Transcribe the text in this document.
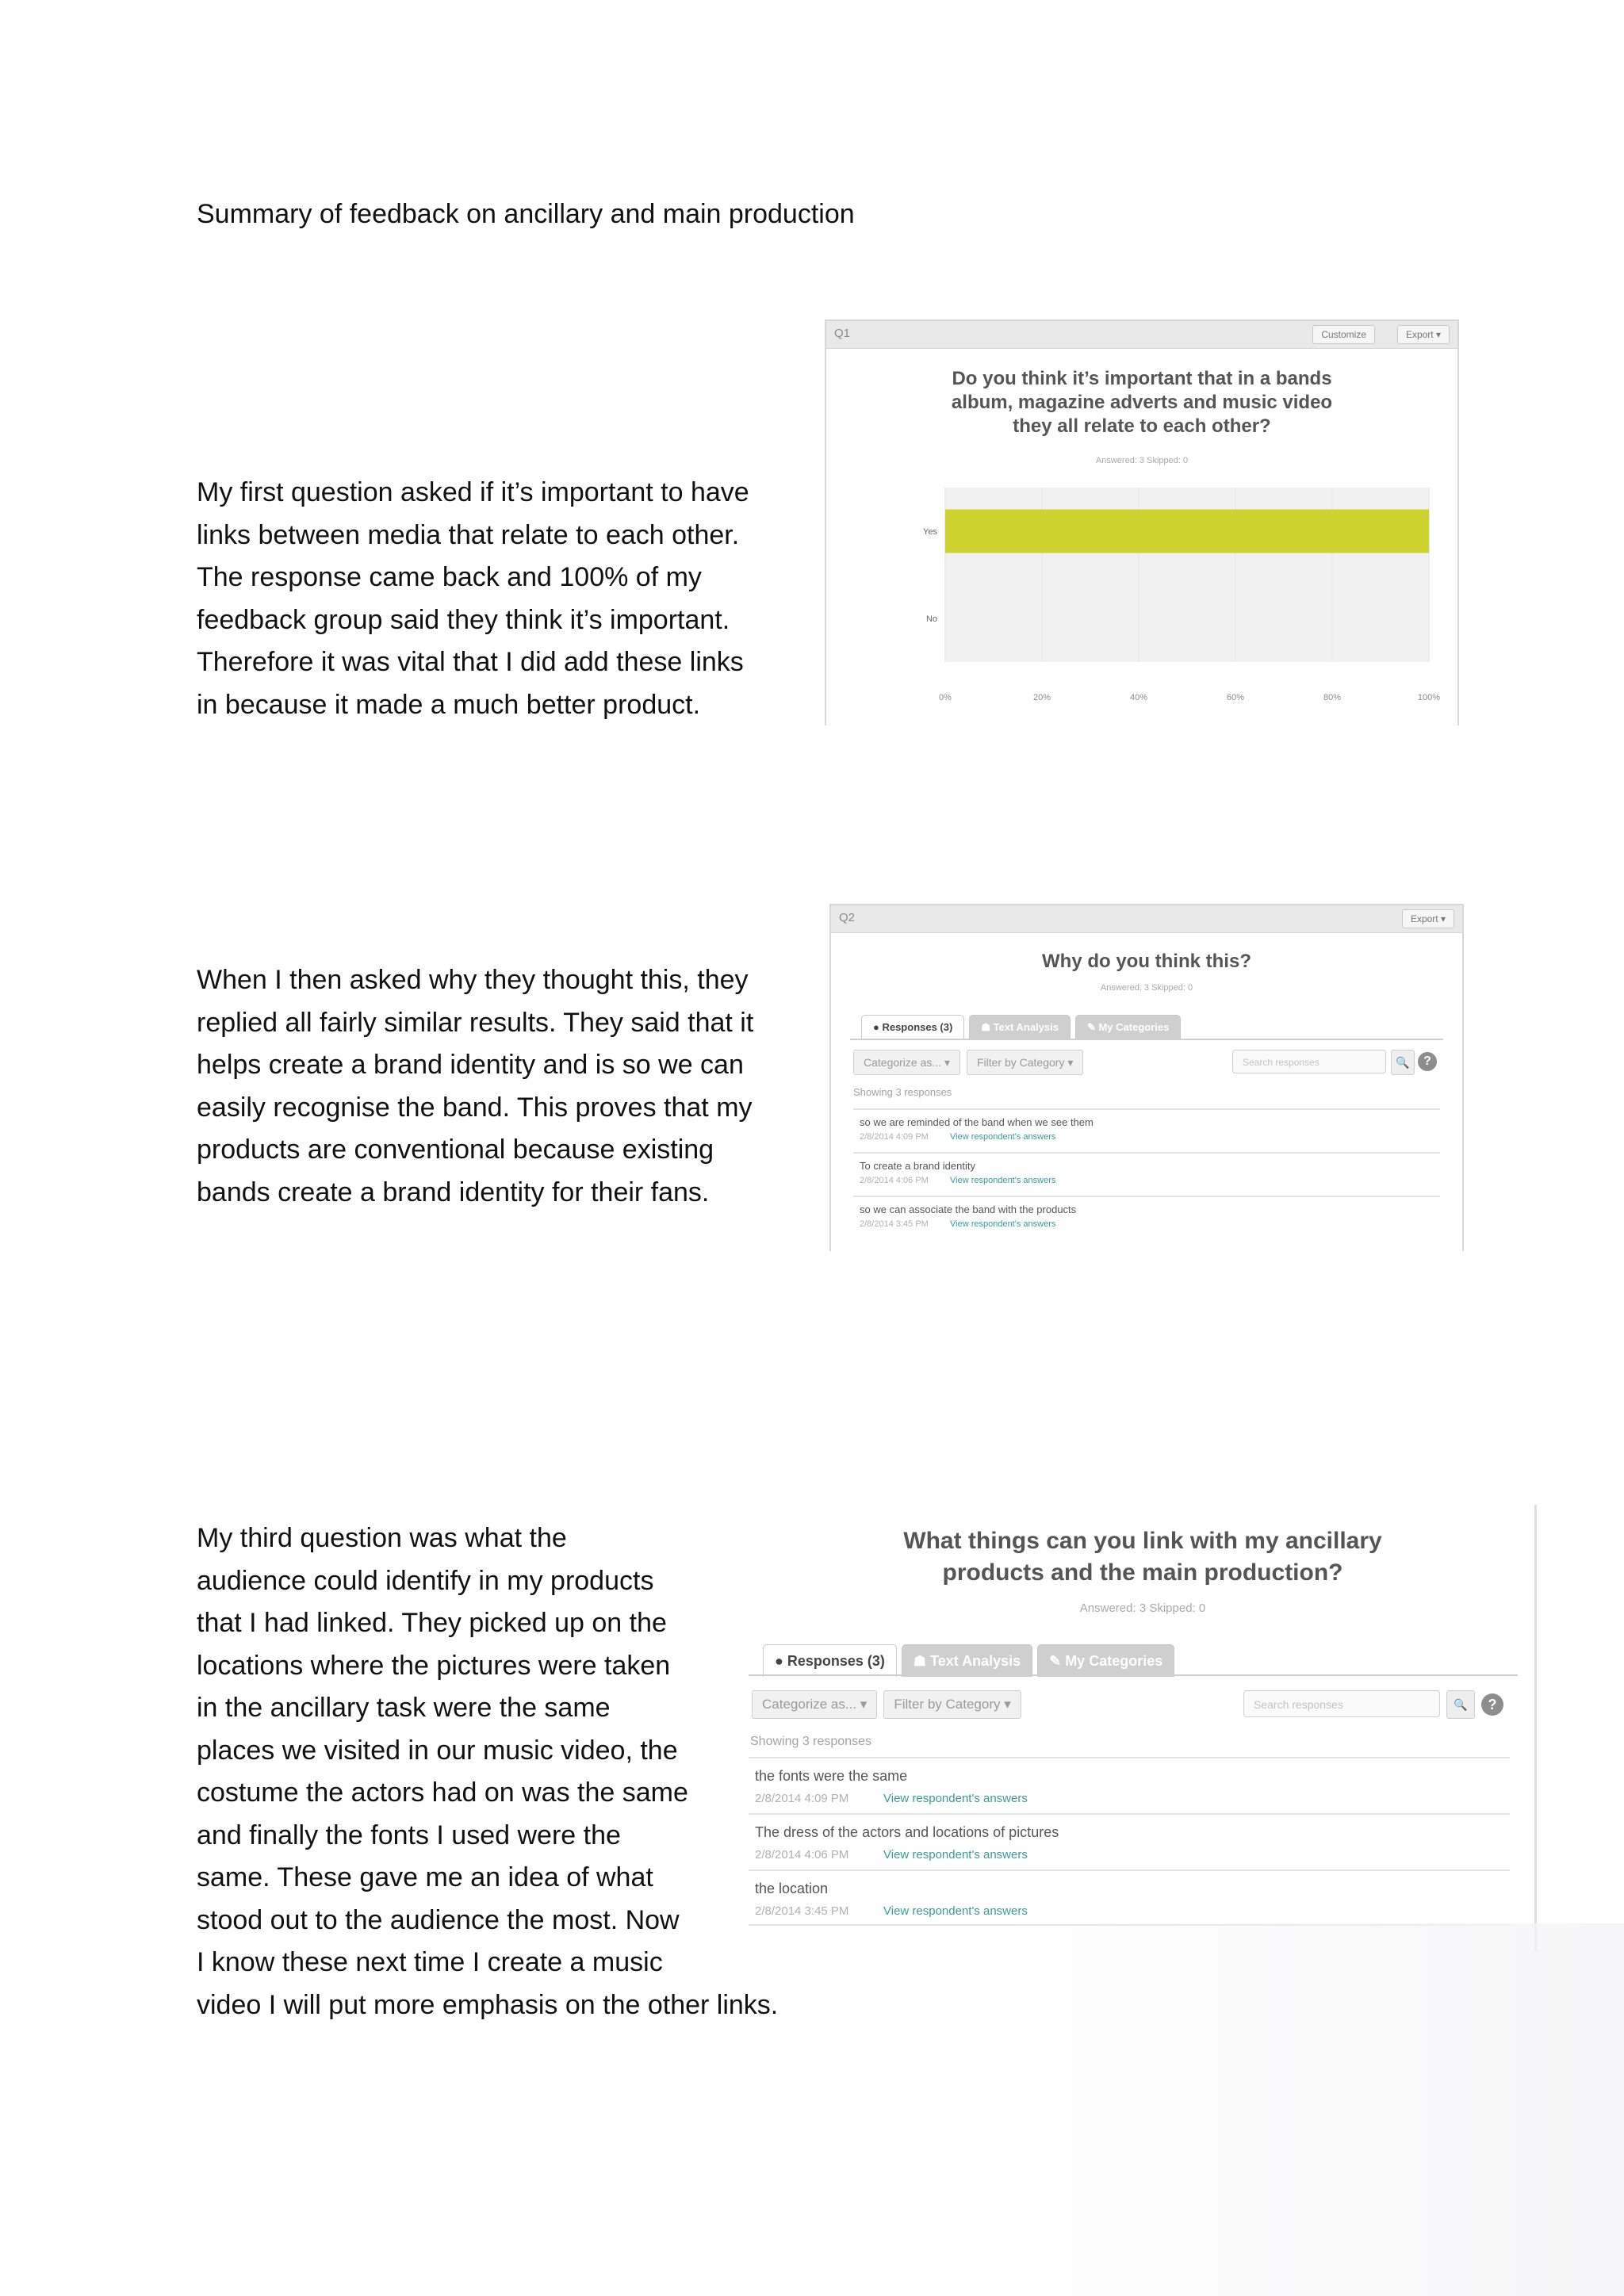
Summary of feedback on ancillary and main production

My first question asked if it’s important to have

links between media that relate to each other.

The response came back and 100% of my

feedback group said they think it’s important.

Therefore it was vital that I did add these links

in because it made a much better product.

When I then asked why they thought this, they

replied all fairly similar results. They said that it

helps create a brand identity and is so we can

easily recognise the band. This proves that my

products are conventional because existing

bands create a brand identity for their fans.

My third question was what the

audience could identify in my products

that I had linked. They picked up on the

locations where the pictures were taken

in the ancillary task were the same

places we visited in our music video, the

costume the actors had on was the same

and finally the fonts I used were the

same. These gave me an idea of what

stood out to the audience the most. Now

I know these next time I create a music

video I will put more emphasis on the other links.

Q1	Customize	Export ▾
Do you think it’s important that in a bands
album, magazine adverts and music video
they all relate to each other?
Answered: 3 Skipped: 0
0%	20%	40%	60%	80%	100%
Yes
No
Q2	Export ▾
Why do you think this?
Answered: 3 Skipped: 0
● Responses (3)	☗ Text Analysis	✎ My Categories
Categorize as... ▾	Filter by Category ▾	Search responses	🔍	?
Showing 3 responses
so we are reminded of the band when we see them
2/8/2014 4:09 PM View respondent's answers
To create a brand identity
2/8/2014 4:06 PM View respondent's answers
so we can associate the band with the products
2/8/2014 3:45 PM View respondent's answers
What things can you link with my ancillary
products and the main production?
Answered: 3 Skipped: 0
● Responses (3)	☗ Text Analysis	✎ My Categories
Categorize as... ▾	Filter by Category ▾	Search responses	🔍	?
Showing 3 responses
the fonts were the same
2/8/2014 4:09 PM	View respondent's answers
The dress of the actors and locations of pictures
2/8/2014 4:06 PM	View respondent's answers
the location
2/8/2014 3:45 PM	View respondent's answers
